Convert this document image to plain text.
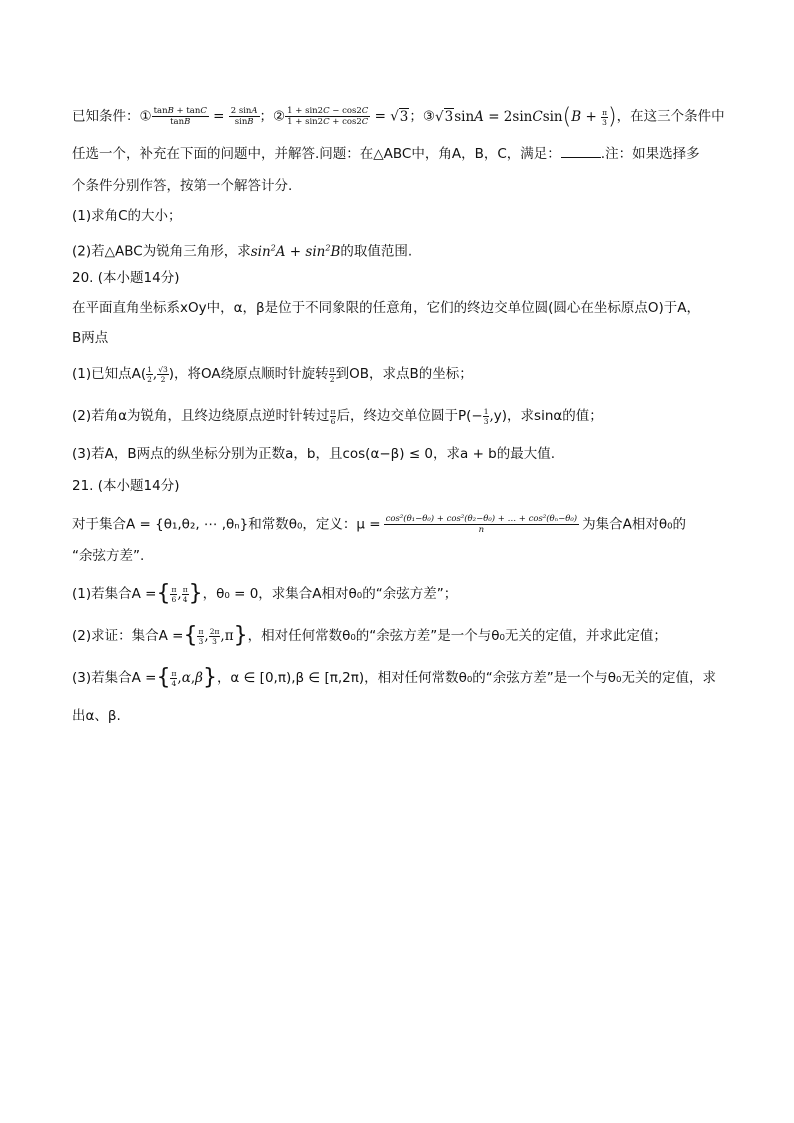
已知条件：① $\frac{\tan B + \tan C}{\tan B} = \frac{2 \sin A}{\sin B}$ ；② $\frac{1 + \sin 2C - \cos 2C}{1 + \sin 2C + \cos 2C} = √3$；③√3sinA = 2sinCsin(B + $\frac{\pi}{3}$ )，在这三个条件中
任选一个，补充在下面的问题中，并解答.问题：在△ABC中，角A，B，C，满足：	.注：如果选择多
个条件分别作答，按第一个解答计分.
(1)求角C的大小；
(2)若△ABC为锐角三角形，求$\sin^2A + \sin^2B$的取值范围.
20. (本小题14分)
在平面直角坐标系xOy中，α，β是位于不同象限的任意角，它们的终边交单位圆(圆心在坐标原点O)于A，
B两点
(1)已知点$A( \frac{1}{2}$ , $\frac{√3}{2}$ )，将OA绕原点顺时针旋转 $\frac{\pi}{2}$ 到OB，求点B的坐标；
(2)若角α为锐角，且终边绕原点逆时针转过 $\frac{\pi}{6}$ 后，终边交单位圆于$P(- \frac{1}{3} ,y)$，求sinα的值；
(3)若A，B两点的纵坐标分别为正数a，b，且cos(α−β) ≤ 0，求a + b的最大值.
21. (本小题14分)
对于集合A = {θ₁,θ₂, ⋯ ,θₙ}和常数θ₀，定义：$\mu = \frac{\text{cos²(θ₁−θ₀) + cos²(θ₂−θ₀) + … + cos²(θₙ−θ₀)}}{n}$ 为集合A相对θ₀的
“余弦方差”.
(1)若集合A ={ $\frac{\pi}{6}$ , $\frac{\pi}{4}$ }，θ₀ = 0，求集合A相对θ₀的“余弦方差”；
(2)求证：集合A ={ $\frac{\pi}{3}$ , $\frac{2\pi}{3} ,\pi$}，相对任何常数θ₀的“余弦方差”是一个与θ₀无关的定值，并求此定值；
(3)若集合A ={ $\frac{\pi}{4} ,\alpha,\beta$}，α ∈ [0,π),β ∈ [π,2π)，相对任何常数θ₀的“余弦方差”是一个与θ₀无关的定值，求
出α、β.
